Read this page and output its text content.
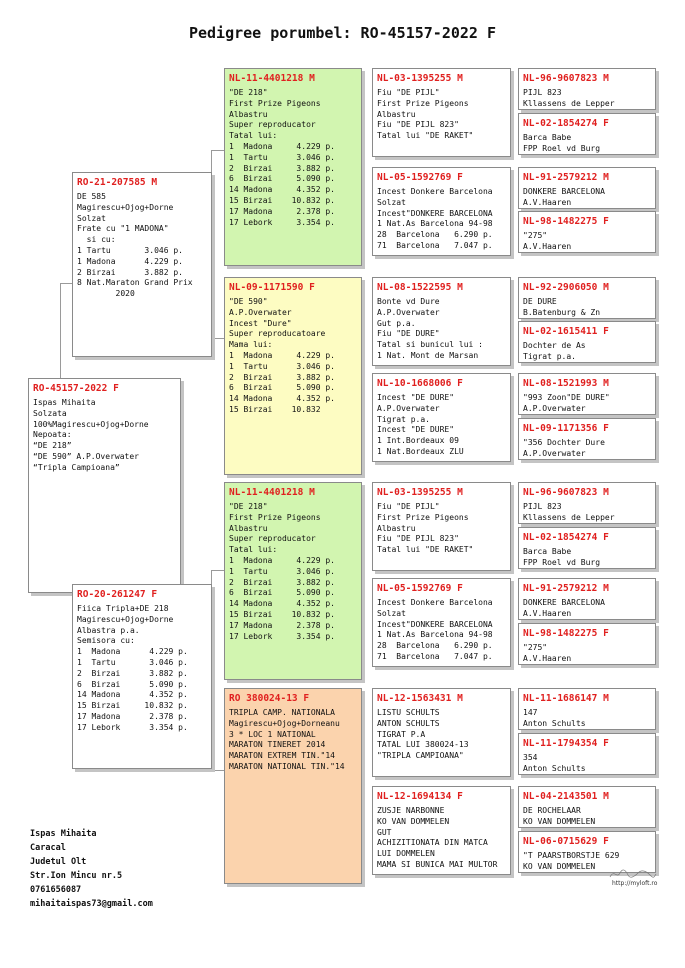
Pedigree porumbel: RO-45157-2022 F
RO-45157-2022 F
Ispas Mihaita
Solzata
100%Magirescu+Ojog+Dorne
Nepoata:
“DE 218”
“DE 590” A.P.Overwater
“Tripla Campioana”
RO-21-207585 M
DE 585
Magirescu+Ojog+Dorne
Solzat
Frate cu "1 MADONA"
si cu:
1 Tartu       3.046 p.
1 Madona      4.229 p.
2 Birzai      3.882 p.
8 Nat.Maraton Grand Prix
2020
RO-20-261247 F
Fiica Tripla+DE 218
Magirescu+Ojog+Dorne
Albastra p.a.
Semisora cu:
1  Madona      4.229 p.
1  Tartu       3.046 p.
2  Birzai      3.882 p.
6  Birzai      5.090 p.
14 Madona      4.352 p.
15 Birzai     10.832 p.
17 Madona      2.378 p.
17 Lebork      3.354 p.
NL-11-4401218 M
"DE 218"
First Prize Pigeons
Albastru
Super reproducator
Tatal lui:
1  Madona     4.229 p.
1  Tartu      3.046 p.
2  Birzai     3.882 p.
6  Birzai     5.090 p.
14 Madona     4.352 p.
15 Birzai    10.832 p.
17 Madona     2.378 p.
17 Lebork     3.354 p.
NL-09-1171590 F
"DE 590"
A.P.Overwater
Incest "Dure"
Super reproducatoare
Mama lui:
1  Madona     4.229 p.
1  Tartu      3.046 p.
2  Birzai     3.882 p.
6  Birzai     5.090 p.
14 Madona     4.352 p.
15 Birzai    10.832
NL-11-4401218 M
"DE 218"
First Prize Pigeons
Albastru
Super reproducator
Tatal lui:
1  Madona     4.229 p.
1  Tartu      3.046 p.
2  Birzai     3.882 p.
6  Birzai     5.090 p.
14 Madona     4.352 p.
15 Birzai    10.832 p.
17 Madona     2.378 p.
17 Lebork     3.354 p.
RO 380024-13 F
TRIPLA CAMP. NATIONALA
Magirescu+Ojog+Dorneanu
3 * LOC 1 NATIONAL
MARATON TINERET 2014
MARATON EXTREM TIN."14
MARATON NATIONAL TIN."14
NL-03-1395255 M
Fiu "DE PIJL"
First Prize Pigeons
Albastru
Fiu "DE PIJL 823"
Tatal lui "DE RAKET"
NL-05-1592769 F
Incest Donkere Barcelona
Solzat
Incest"DONKERE BARCELONA
1 Nat.As Barcelona 94-98
28  Barcelona   6.290 p.
71  Barcelona   7.047 p.
NL-08-1522595 M
Bonte vd Dure
A.P.Overwater
Gut p.a.
Fiu "DE DURE"
Tatal si bunicul lui :
1 Nat. Mont de Marsan
NL-10-1668006 F
Incest "DE DURE"
A.P.Overwater
Tigrat p.a.
Incest "DE DURE"
1 Int.Bordeaux 09
1 Nat.Bordeaux ZLU
NL-03-1395255 M
Fiu "DE PIJL"
First Prize Pigeons
Albastru
Fiu "DE PIJL 823"
Tatal lui "DE RAKET"
NL-05-1592769 F
Incest Donkere Barcelona
Solzat
Incest"DONKERE BARCELONA
1 Nat.As Barcelona 94-98
28  Barcelona   6.290 p.
71  Barcelona   7.047 p.
NL-12-1563431 M
LISTU SCHULTS
ANTON SCHULTS
TIGRAT P.A
TATAL LUI 380024-13
"TRIPLA CAMPIOANA"
NL-12-1694134 F
ZUSJE NARBONNE
KO VAN DOMMELEN
GUT
ACHIZITIONATA DIN MATCA
LUI DOMMELEN
MAMA SI BUNICA MAI MULTOR
NL-96-9607823 M
PIJL 823
Kllassens de Lepper
NL-02-1854274 F
Barca Babe
FPP Roel vd Burg
NL-91-2579212 M
DONKERE BARCELONA
A.V.Haaren
NL-98-1482275 F
"275"
A.V.Haaren
NL-92-2906050 M
DE DURE
B.Batenburg & Zn
NL-02-1615411 F
Dochter de As
Tigrat p.a.
NL-08-1521993 M
"993 Zoon"DE DURE"
A.P.Overwater
NL-09-1171356 F
"356 Dochter Dure
A.P.Overwater
NL-96-9607823 M
PIJL 823
Kllassens de Lepper
NL-02-1854274 F
Barca Babe
FPP Roel vd Burg
NL-91-2579212 M
DONKERE BARCELONA
A.V.Haaren
NL-98-1482275 F
"275"
A.V.Haaren
NL-11-1686147 M
147
Anton Schults
NL-11-1794354 F
354
Anton Schults
NL-04-2143501 M
DE ROCHELAAR
KO VAN DOMMELEN
NL-06-0715629 F
"T PAARSTBORSTJE 629
KO VAN DOMMELEN
Ispas Mihaita
Caracal
Judetul Olt
Str.Ion Mincu nr.5
0761656087
mihaitaispas73@gmail.com
http://myloft.ro
